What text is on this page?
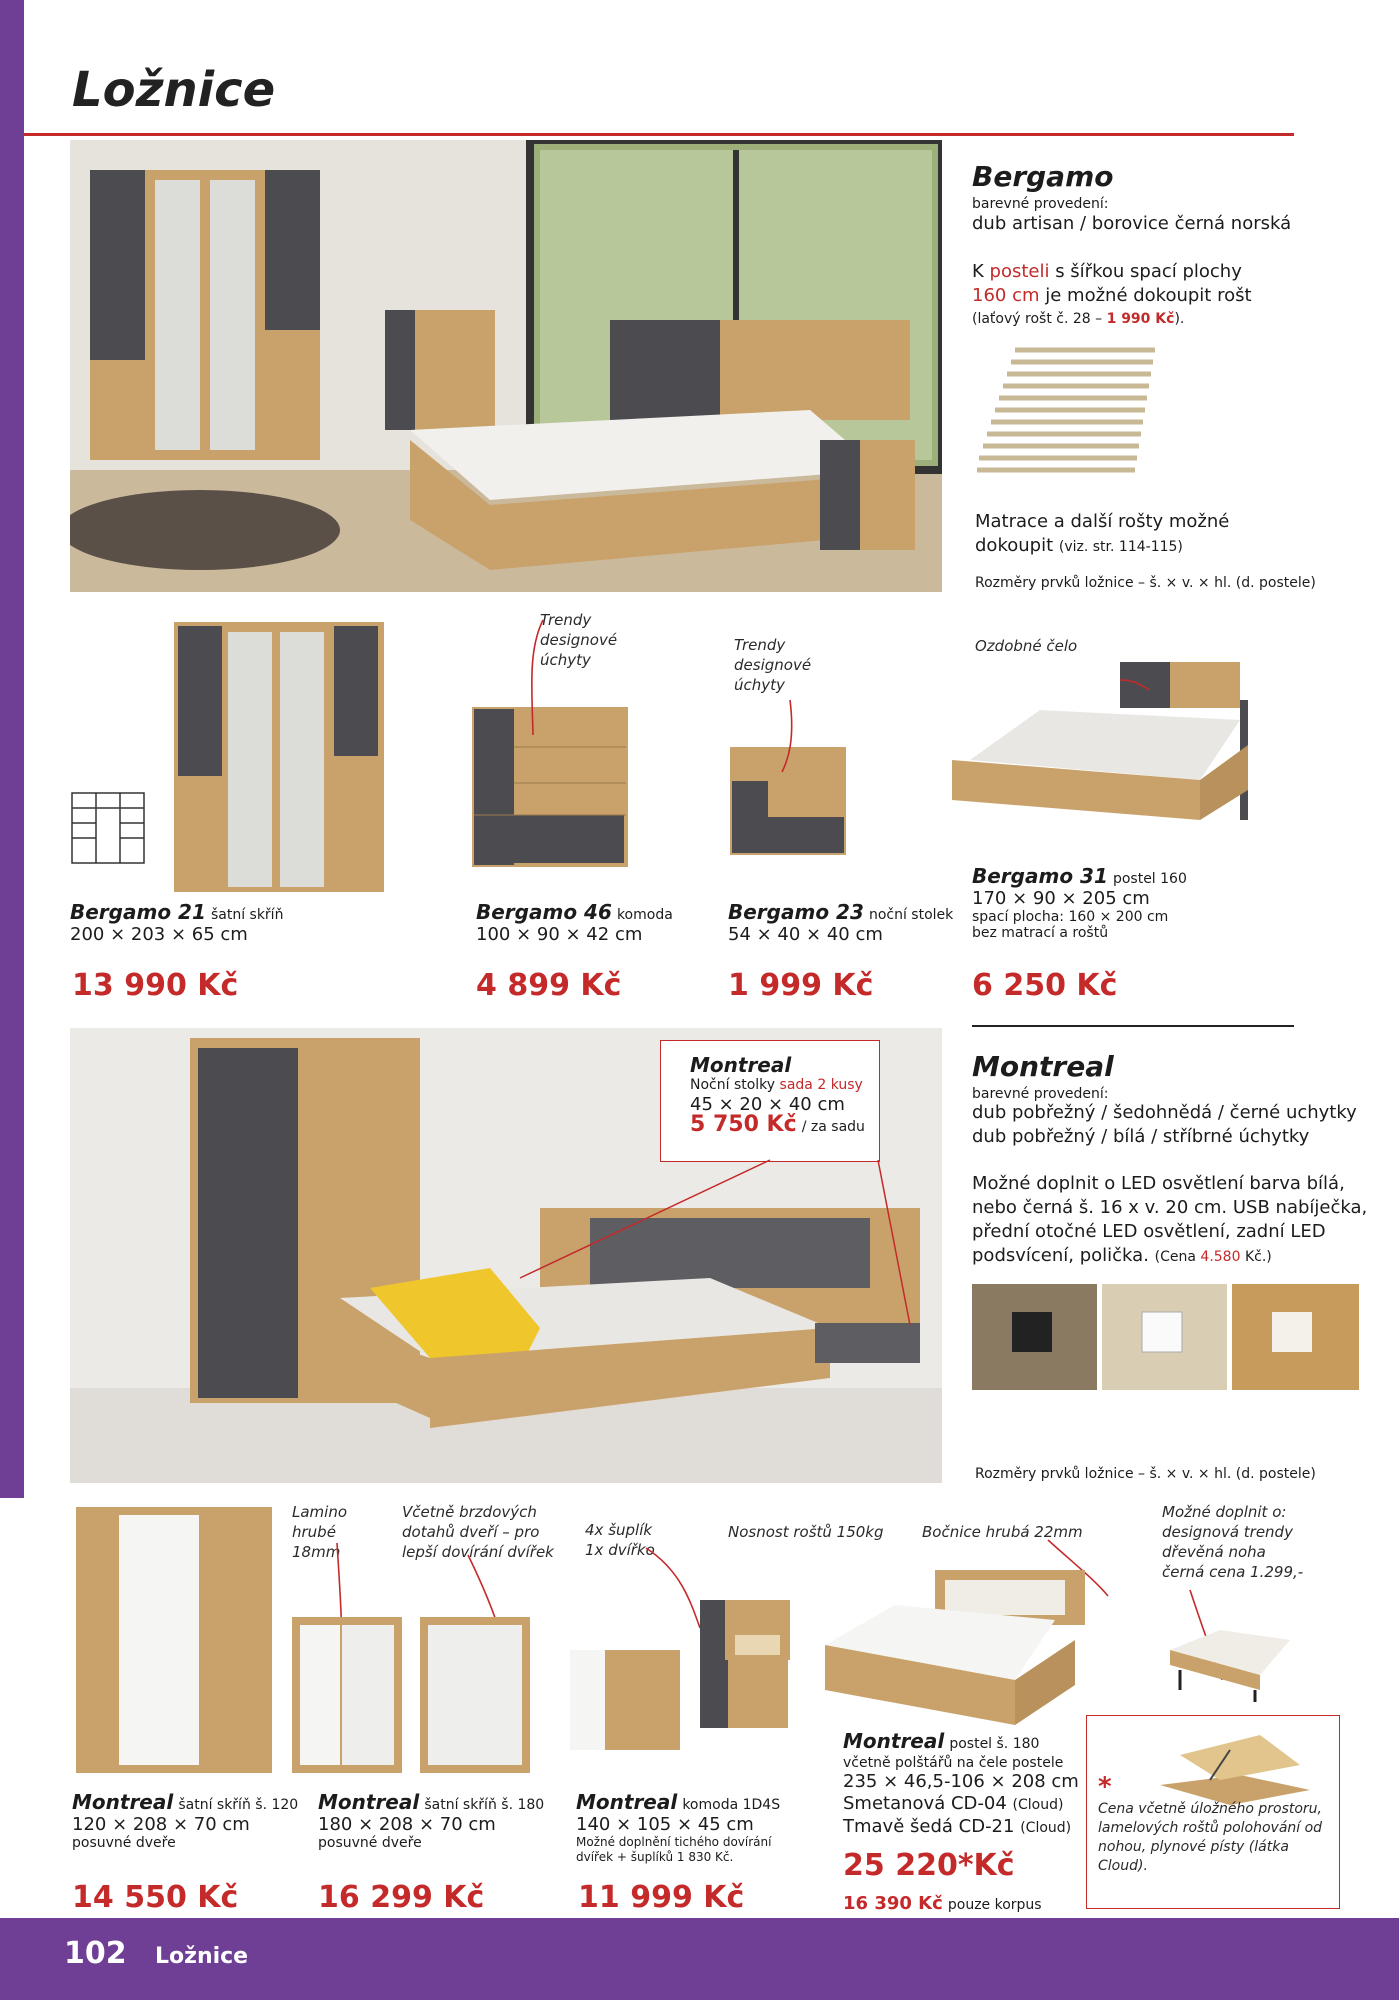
Ložnice
Bergamo
barevné provedení:
dub artisan / borovice černá norská
K posteli s šířkou spací plochy
160 cm je možné dokoupit rošt
(laťový rošt č. 28 – 1 990 Kč).
Matrace a další rošty možné
dokoupit (viz. str. 114-115)
Rozměry prvků ložnice – š. × v. × hl. (d. postele)
Trendy designové úchyty
Trendy designové úchyty
Ozdobné čelo
Bergamo 21 šatní skříň
200 × 203 × 65 cm
13 990 Kč
Bergamo 46 komoda
100 × 90 × 42 cm
4 899 Kč
Bergamo 23 noční stolek
54 × 40 × 40 cm
1 999 Kč
Bergamo 31 postel 160
170 × 90 × 205 cm
spací plocha: 160 × 200 cm
bez matrací a roštů
6 250 Kč
Montreal
Noční stolky sada 2 kusy
45 × 20 × 40 cm
5 750 Kč / za sadu
Montreal
barevné provedení:
dub pobřežný / šedohnědá / černé uchytky
dub pobřežný / bílá / stříbrné úchytky
Možné doplnit o LED osvětlení barva bílá,
nebo černá š. 16 x v. 20 cm. USB nabíječka,
přední otočné LED osvětlení, zadní LED
podsvícení, polička. (Cena 4.580 Kč.)
Rozměry prvků ložnice – š. × v. × hl. (d. postele)
Lamino hrubé 18mm
Včetně brzdových dotahů dveří – pro lepší dovírání dvířek
4x šuplík 1x dvířko
Nosnost roštů 150kg	Bočnice hrubá 22mm
Možné doplnit o: designová trendy dřevěná noha černá cena 1.299,-
*
Cena včetně úložného prostoru, lamelových roštů polohování od nohou, plynové písty (látka Cloud).
Montreal šatní skříň š. 120
120 × 208 × 70 cm
posuvné dveře
14 550 Kč
Montreal šatní skříň š. 180
180 × 208 × 70 cm
posuvné dveře
16 299 Kč
Montreal komoda 1D4S
140 × 105 × 45 cm
Možné doplnění tichého dovírání dvířek + šuplíků 1 830 Kč.
11 999 Kč
Montreal postel š. 180
včetně polštářů na čele postele
235 × 46,5-106 × 208 cm
Smetanová CD-04 (Cloud)
Tmavě šedá CD-21 (Cloud)
25 220*Kč
16 390 Kč pouze korpus
102 Ložnice
